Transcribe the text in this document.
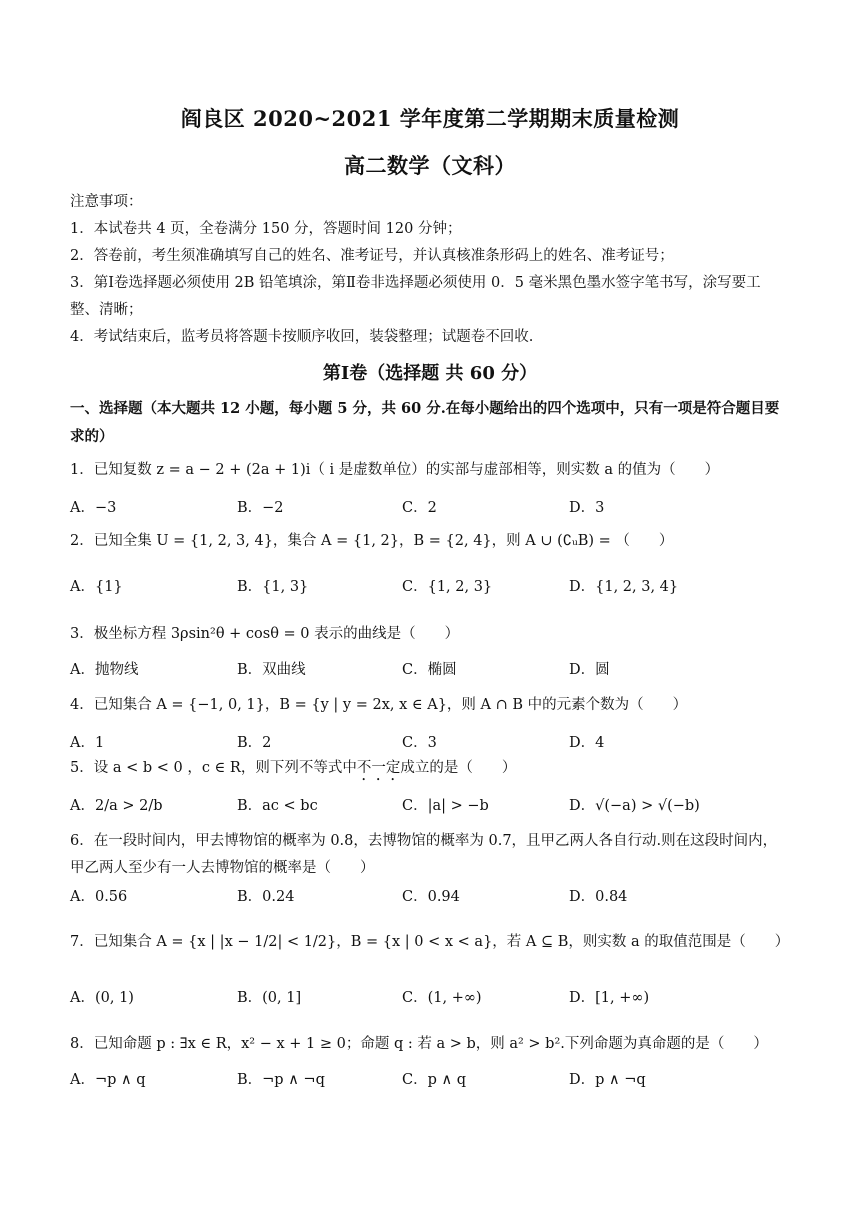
阎良区 2020~2021 学年度第二学期期末质量检测
高二数学（文科）
注意事项：
1．本试卷共 4 页，全卷满分 150 分，答题时间 120 分钟；
2．答卷前，考生须准确填写自己的姓名、准考证号，并认真核准条形码上的姓名、准考证号；
3．第Ⅰ卷选择题必须使用 2B 铅笔填涂，第Ⅱ卷非选择题必须使用 0．5 毫米黑色墨水签字笔书写，涂写要工
整、清晰；
4．考试结束后，监考员将答题卡按顺序收回，装袋整理；试题卷不回收.
第Ⅰ卷（选择题 共 60 分）
一、选择题（本大题共 12 小题，每小题 5 分，共 60 分.在每小题给出的四个选项中，只有一项是符合题目要
求的）
1．已知复数 z = a − 2 + (2a + 1)i（ i 是虚数单位）的实部与虚部相等，则实数 a 的值为（　　）
A．−3	B．−2	C．2	D．3
2．已知全集 U = {1, 2, 3, 4}，集合 A = {1, 2}，B = {2, 4}，则 A ∪ (∁ᵤB) = （　　）
A．{1}	B．{1, 3}	C．{1, 2, 3}	D．{1, 2, 3, 4}
3．极坐标方程 3ρsin²θ + cosθ = 0 表示的曲线是（　　）
A．抛物线	B．双曲线	C．椭圆	D．圆
4．已知集合 A = {−1, 0, 1}，B = {y | y = 2x, x ∈ A}，则 A ∩ B 中的元素个数为（　　）
A．1	B．2	C．3	D．4
5．设 a < b < 0 ，c ∈ R，则下列不等式中不一定成立的是（　　）
A．2/a > 2/b	B．ac < bc	C．|a| > −b	D．√(−a) > √(−b)
6．在一段时间内，甲去博物馆的概率为 0.8，去博物馆的概率为 0.7，且甲乙两人各自行动.则在这段时间内，
甲乙两人至少有一人去博物馆的概率是（　　）
A．0.56	B．0.24	C．0.94	D．0.84
7．已知集合 A = {x | |x − 1/2| < 1/2}，B = {x | 0 < x < a}，若 A ⊆ B，则实数 a 的取值范围是（　　）
A．(0, 1)	B．(0, 1]	C．(1, +∞)	D．[1, +∞)
8．已知命题 p : ∃x ∈ R，x² − x + 1 ≥ 0；命题 q : 若 a > b，则 a² > b².下列命题为真命题的是（　　）
A．¬p ∧ q	B．¬p ∧ ¬q	C．p ∧ q	D．p ∧ ¬q
